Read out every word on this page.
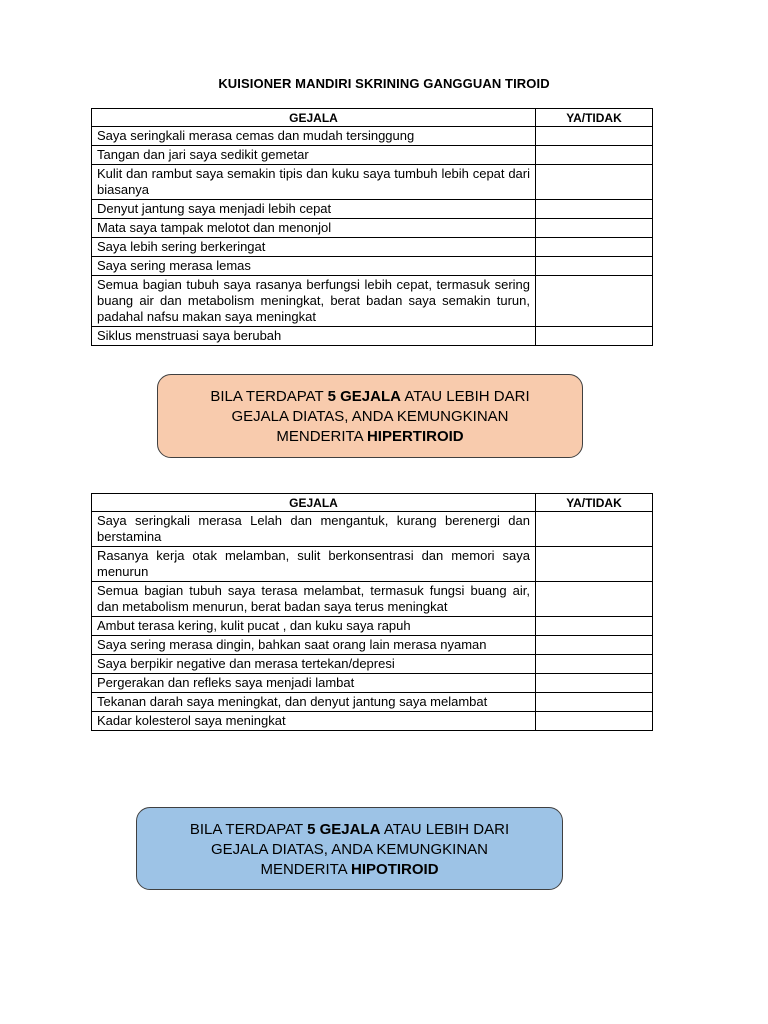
KUISIONER MANDIRI SKRINING GANGGUAN TIROID
GEJALA	YA/TIDAK
Saya seringkali merasa cemas dan mudah tersinggung	
Tangan dan jari saya sedikit gemetar	
Kulit dan rambut saya semakin tipis dan kuku saya tumbuh lebih cepat dari biasanya	
Denyut jantung saya menjadi lebih cepat	
Mata saya tampak melotot dan menonjol	
Saya lebih sering berkeringat	
Saya sering merasa lemas	
Semua bagian tubuh saya rasanya berfungsi lebih cepat, termasuk sering buang air dan metabolism meningkat, berat badan saya semakin turun, padahal nafsu makan saya meningkat	
Siklus menstruasi saya berubah	
BILA TERDAPAT 5 GEJALA ATAU LEBIH DARI
GEJALA DIATAS, ANDA KEMUNGKINAN
MENDERITA HIPERTIROID
GEJALA	YA/TIDAK
Saya seringkali merasa Lelah dan mengantuk, kurang berenergi dan berstamina	
Rasanya kerja otak melamban, sulit berkonsentrasi dan memori saya menurun	
Semua bagian tubuh saya terasa melambat, termasuk fungsi buang air, dan metabolism menurun, berat badan saya terus meningkat	
Ambut terasa kering, kulit pucat , dan kuku saya rapuh	
Saya sering merasa dingin, bahkan saat orang lain merasa nyaman	
Saya berpikir negative dan merasa tertekan/depresi	
Pergerakan dan refleks saya menjadi lambat	
Tekanan darah saya meningkat, dan denyut jantung saya melambat	
Kadar kolesterol saya meningkat	
BILA TERDAPAT 5 GEJALA ATAU LEBIH DARI
GEJALA DIATAS, ANDA KEMUNGKINAN
MENDERITA HIPOTIROID
